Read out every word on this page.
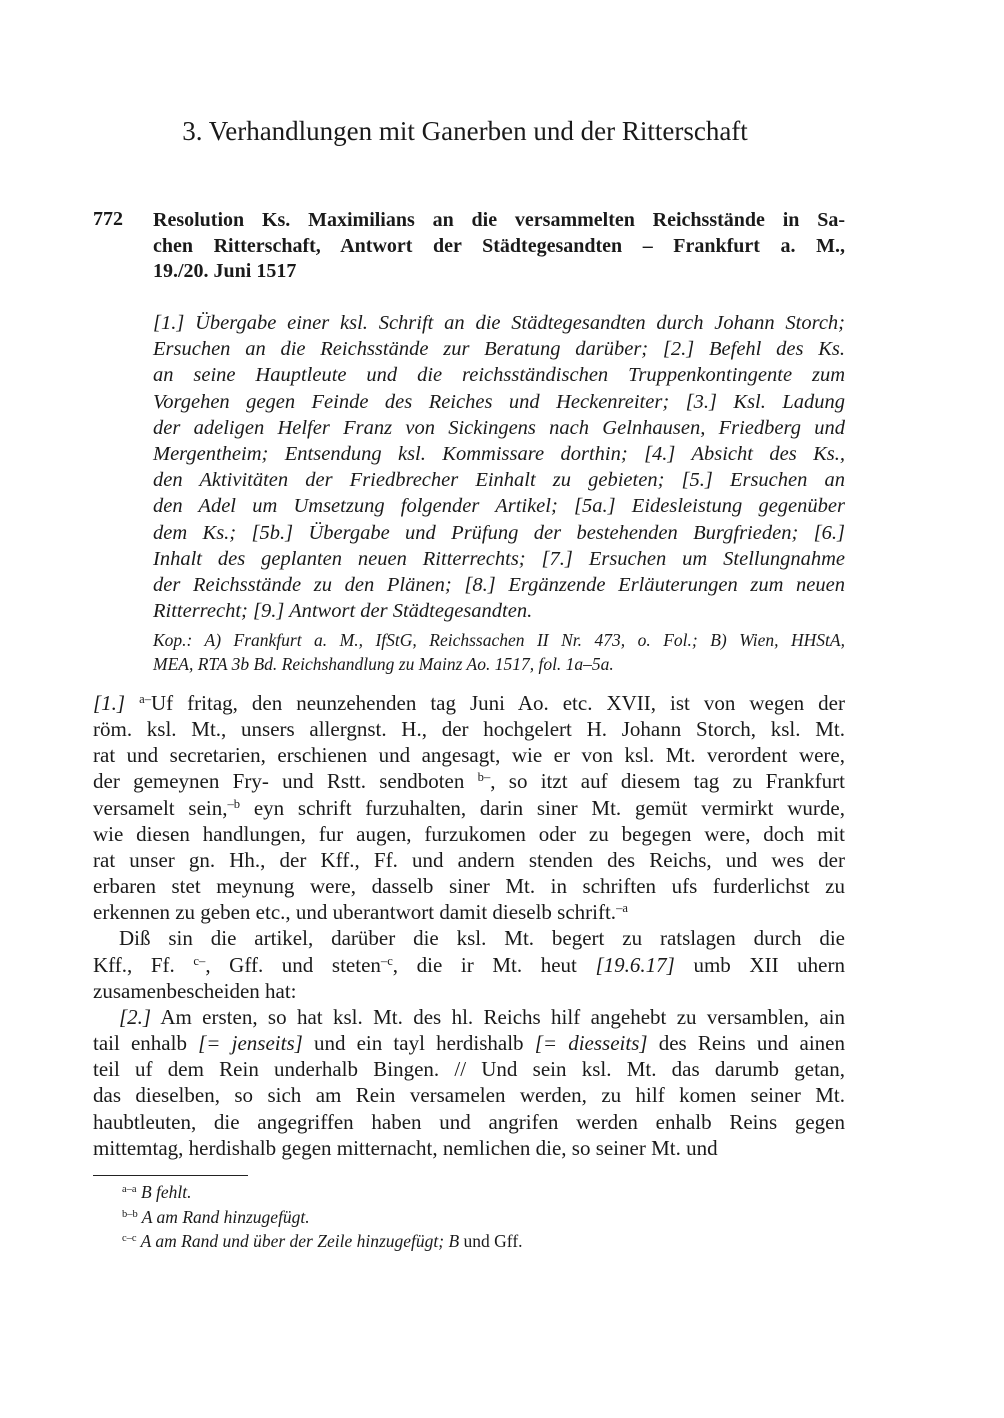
3. Verhandlungen mit Ganerben und der Ritterschaft
772 Resolution Ks. Maximilians an die versammelten Reichsstände in Sa-
chen Ritterschaft, Antwort der Städtegesandten – Frankfurt a. M.,
19./20. Juni 1517
[1.] Übergabe einer ksl. Schrift an die Städtegesandten durch Johann Storch;
Ersuchen an die Reichsstände zur Beratung darüber; [2.] Befehl des Ks.
an seine Hauptleute und die reichsständischen Truppenkontingente zum
Vorgehen gegen Feinde des Reiches und Heckenreiter; [3.] Ksl. Ladung
der adeligen Helfer Franz von Sickingens nach Gelnhausen, Friedberg und
Mergentheim; Entsendung ksl. Kommissare dorthin; [4.] Absicht des Ks.,
den Aktivitäten der Friedbrecher Einhalt zu gebieten; [5.] Ersuchen an
den Adel um Umsetzung folgender Artikel; [5a.] Eidesleistung gegenüber
dem Ks.; [5b.] Übergabe und Prüfung der bestehenden Burgfrieden; [6.]
Inhalt des geplanten neuen Ritterrechts; [7.] Ersuchen um Stellungnahme
der Reichsstände zu den Plänen; [8.] Ergänzende Erläuterungen zum neuen
Ritterrecht; [9.] Antwort der Städtegesandten.
Kop.: A) Frankfurt a. M., IfStG, Reichssachen II Nr. 473, o. Fol.; B) Wien, HHStA,
MEA, RTA 3b Bd. Reichshandlung zu Mainz Ao. 1517, fol. 1a–5a.
[1.] $^{a-}$Uf fritag, den neunzehenden tag Juni Ao. etc. XVII, ist von wegen der
röm. ksl. Mt., unsers allergnst. H., der hochgelert H. Johann Storch, ksl. Mt.
rat und secretarien, erschienen und angesagt, wie er von ksl. Mt. verordent were,
der gemeynen Fry- und Rstt. sendboten $^{b-}$, so itzt auf diesem tag zu Frankfurt
versamelt sein,$^{-b}$ eyn schrift furzuhalten, darin siner Mt. gemüt vermirkt wurde,
wie diesen handlungen, fur augen, furzukomen oder zu begegen were, doch mit
rat unser gn. Hh., der Kff., Ff. und andern stenden des Reichs, und wes der
erbaren stet meynung were, dasselb siner Mt. in schriften ufs furderlichst zu
erkennen zu geben etc., und uberantwort damit dieselb schrift.$^{-a}$
Diß sin die artikel, darüber die ksl. Mt. begert zu ratslagen durch die
Kff., Ff. $^{c-}$, Gff. und steten$^{-c}$, die ir Mt. heut [19.6.17] umb XII uhern
zusamenbescheiden hat:
[2.] Am ersten, so hat ksl. Mt. des hl. Reichs hilf angehebt zu versamblen, ain
tail enhalb [= jenseits] und ein tayl herdishalb [= diesseits] des Reins und ainen
teil uf dem Rein underhalb Bingen. // Und sein ksl. Mt. das darumb getan,
das dieselben, so sich am Rein versamelen werden, zu hilf komen seiner Mt.
haubtleuten, die angegriffen haben und angrifen werden enhalb Reins gegen
mittemtag, herdishalb gegen mitternacht, nemlichen die, so seiner Mt. und
$^{a-a}$ B fehlt.
$^{b-b}$ A am Rand hinzugefügt.
$^{c-c}$ A am Rand und über der Zeile hinzugefügt; B und Gff.
